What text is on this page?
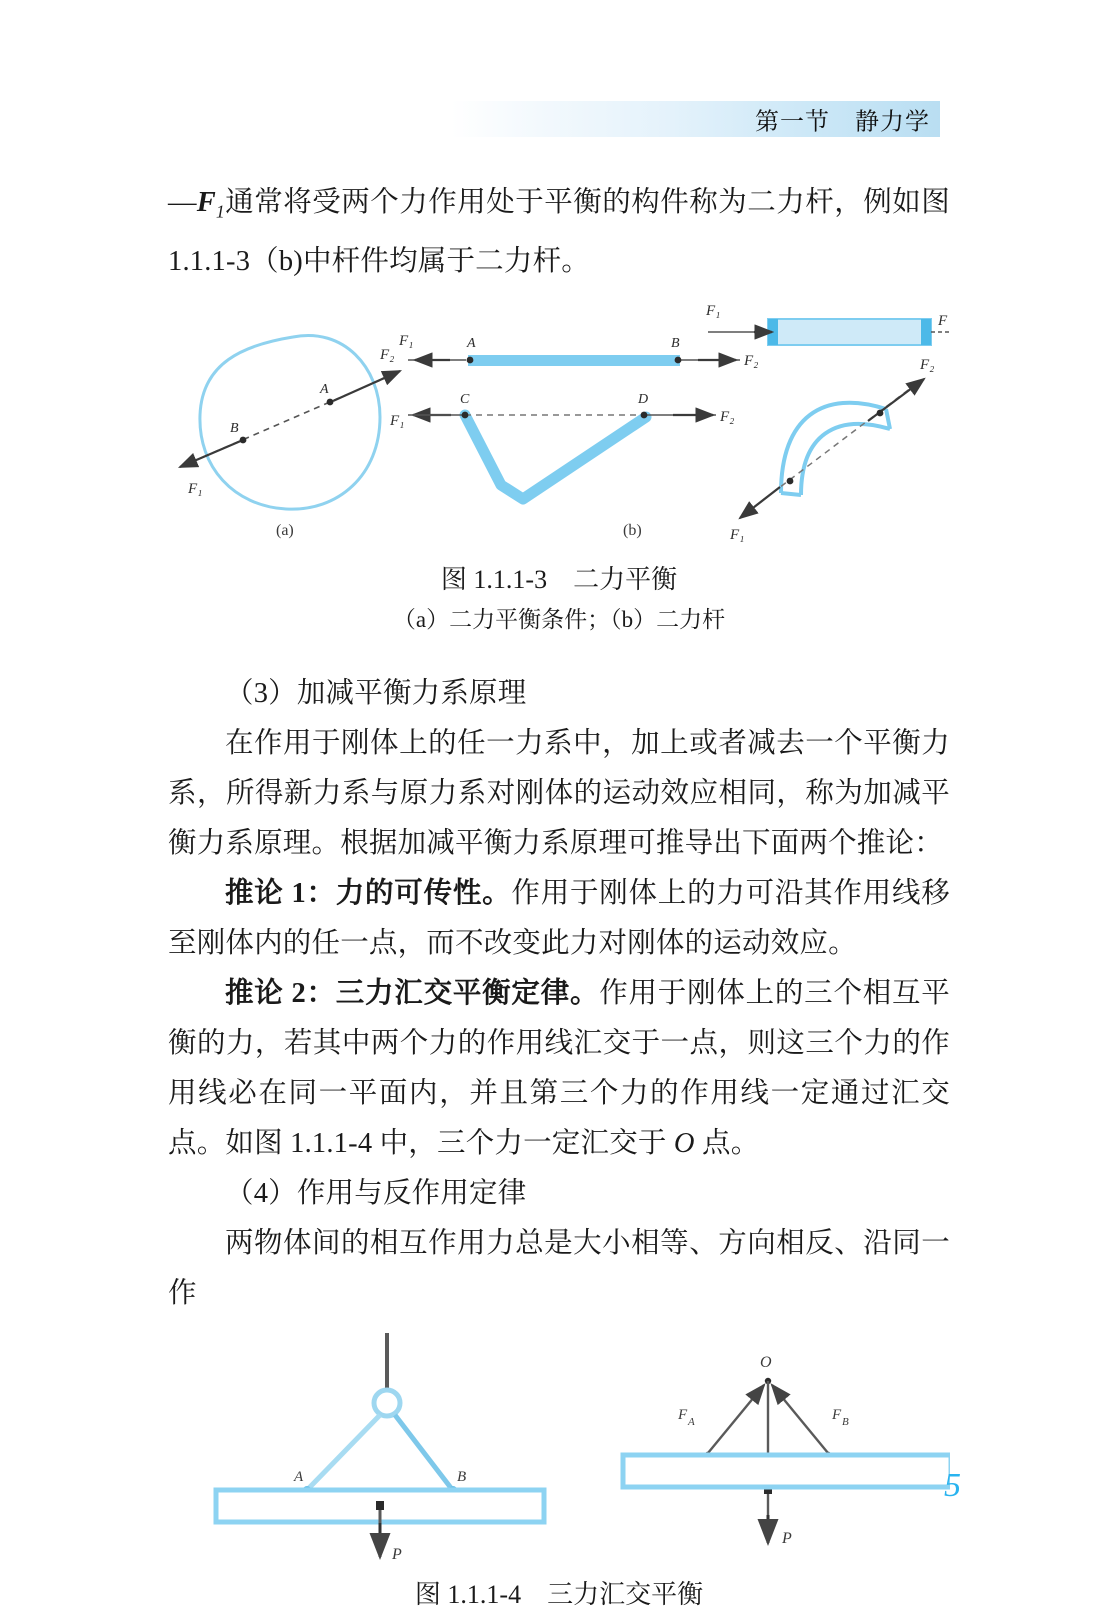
第一节　静力学

$—F_1$通常将受两个力作用处于平衡的构件称为二力杆，例如图 1.1.1-3（b)中杆件均属于二力杆。

F₁
F₂
B
A
(a)
F₁
F₂
A	B
F₁	F₂
C	D
(b)
F₁
F
F₁
F₂
图 1.1.1-3　二力平衡
（a）二力平衡条件；（b）二力杆

（3）加减平衡力系原理

在作用于刚体上的任一力系中，加上或者减去一个平衡力系，所得新力系与原力系对刚体的运动效应相同，称为加减平衡力系原理。根据加减平衡力系原理可推导出下面两个推论：

推论 1：力的可传性。作用于刚体上的力可沿其作用线移至刚体内的任一点，而不改变此力对刚体的运动效应。

推论 2：三力汇交平衡定律。作用于刚体上的三个相互平衡的力，若其中两个力的作用线汇交于一点，则这三个力的作用线必在同一平面内，并且第三个力的作用线一定通过汇交点。如图 1.1.1-4 中，三个力一定汇交于 O 点。

（4）作用与反作用定律

两物体间的相互作用力总是大小相等、方向相反、沿同一作

A	B
P
O
F A	F B
P
图 1.1.1-4　三力汇交平衡
5
